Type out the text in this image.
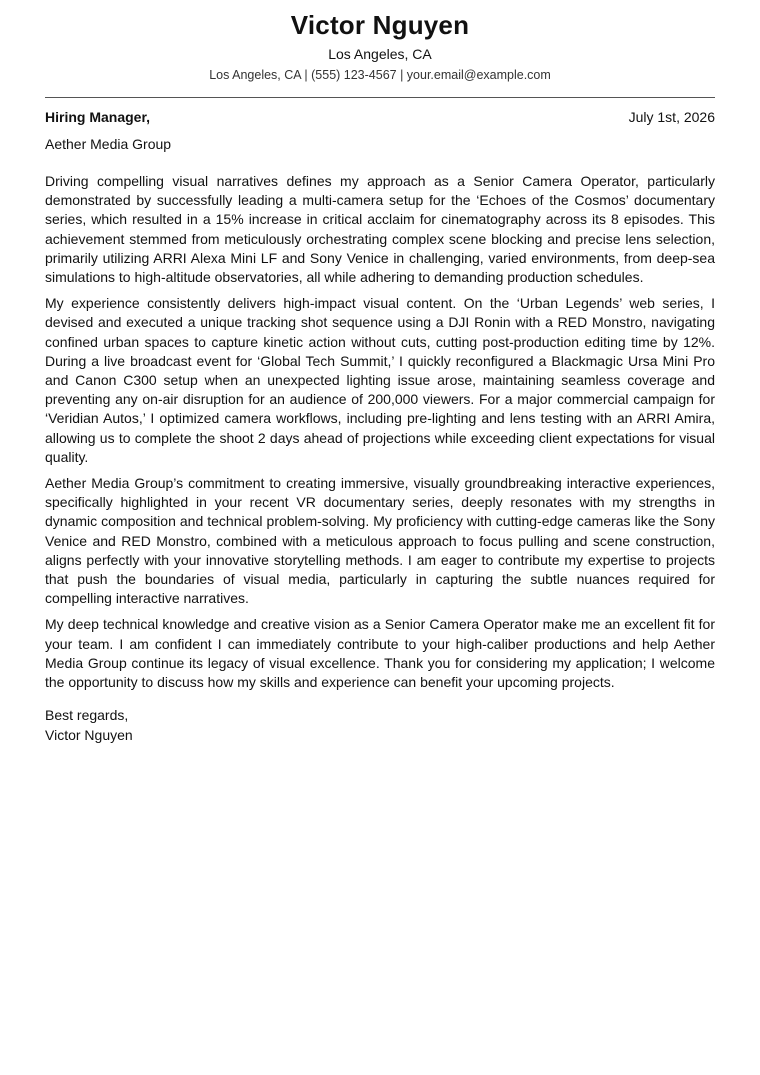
Victor Nguyen
Los Angeles, CA
Los Angeles, CA | (555) 123-4567 | your.email@example.com
Hiring Manager,	July 1st, 2026
Aether Media Group

Driving compelling visual narratives defines my approach as a Senior Camera Operator, particularly demonstrated by successfully leading a multi-camera setup for the ‘Echoes of the Cosmos’ documentary series, which resulted in a 15% increase in critical acclaim for cinematography across its 8 episodes. This achievement stemmed from meticulously orchestrating complex scene blocking and precise lens selection, primarily utilizing ARRI Alexa Mini LF and Sony Venice in challenging, varied environments, from deep-sea simulations to high-altitude observatories, all while adhering to demanding production schedules.

My experience consistently delivers high-impact visual content. On the ‘Urban Legends’ web series, I devised and executed a unique tracking shot sequence using a DJI Ronin with a RED Monstro, navigating confined urban spaces to capture kinetic action without cuts, cutting post-production editing time by 12%. During a live broadcast event for ‘Global Tech Summit,’ I quickly reconfigured a Blackmagic Ursa Mini Pro and Canon C300 setup when an unexpected lighting issue arose, maintaining seamless coverage and preventing any on-air disruption for an audience of 200,000 viewers. For a major commercial campaign for ‘Veridian Autos,’ I optimized camera workflows, including pre-lighting and lens testing with an ARRI Amira, allowing us to complete the shoot 2 days ahead of projections while exceeding client expectations for visual quality.

Aether Media Group’s commitment to creating immersive, visually groundbreaking interactive experiences, specifically highlighted in your recent VR documentary series, deeply resonates with my strengths in dynamic composition and technical problem-solving. My proficiency with cutting-edge cameras like the Sony Venice and RED Monstro, combined with a meticulous approach to focus pulling and scene construction, aligns perfectly with your innovative storytelling methods. I am eager to contribute my expertise to projects that push the boundaries of visual media, particularly in capturing the subtle nuances required for compelling interactive narratives.

My deep technical knowledge and creative vision as a Senior Camera Operator make me an excellent fit for your team. I am confident I can immediately contribute to your high-caliber productions and help Aether Media Group continue its legacy of visual excellence. Thank you for considering my application; I welcome the opportunity to discuss how my skills and experience can benefit your upcoming projects.

Best regards,
Victor Nguyen
